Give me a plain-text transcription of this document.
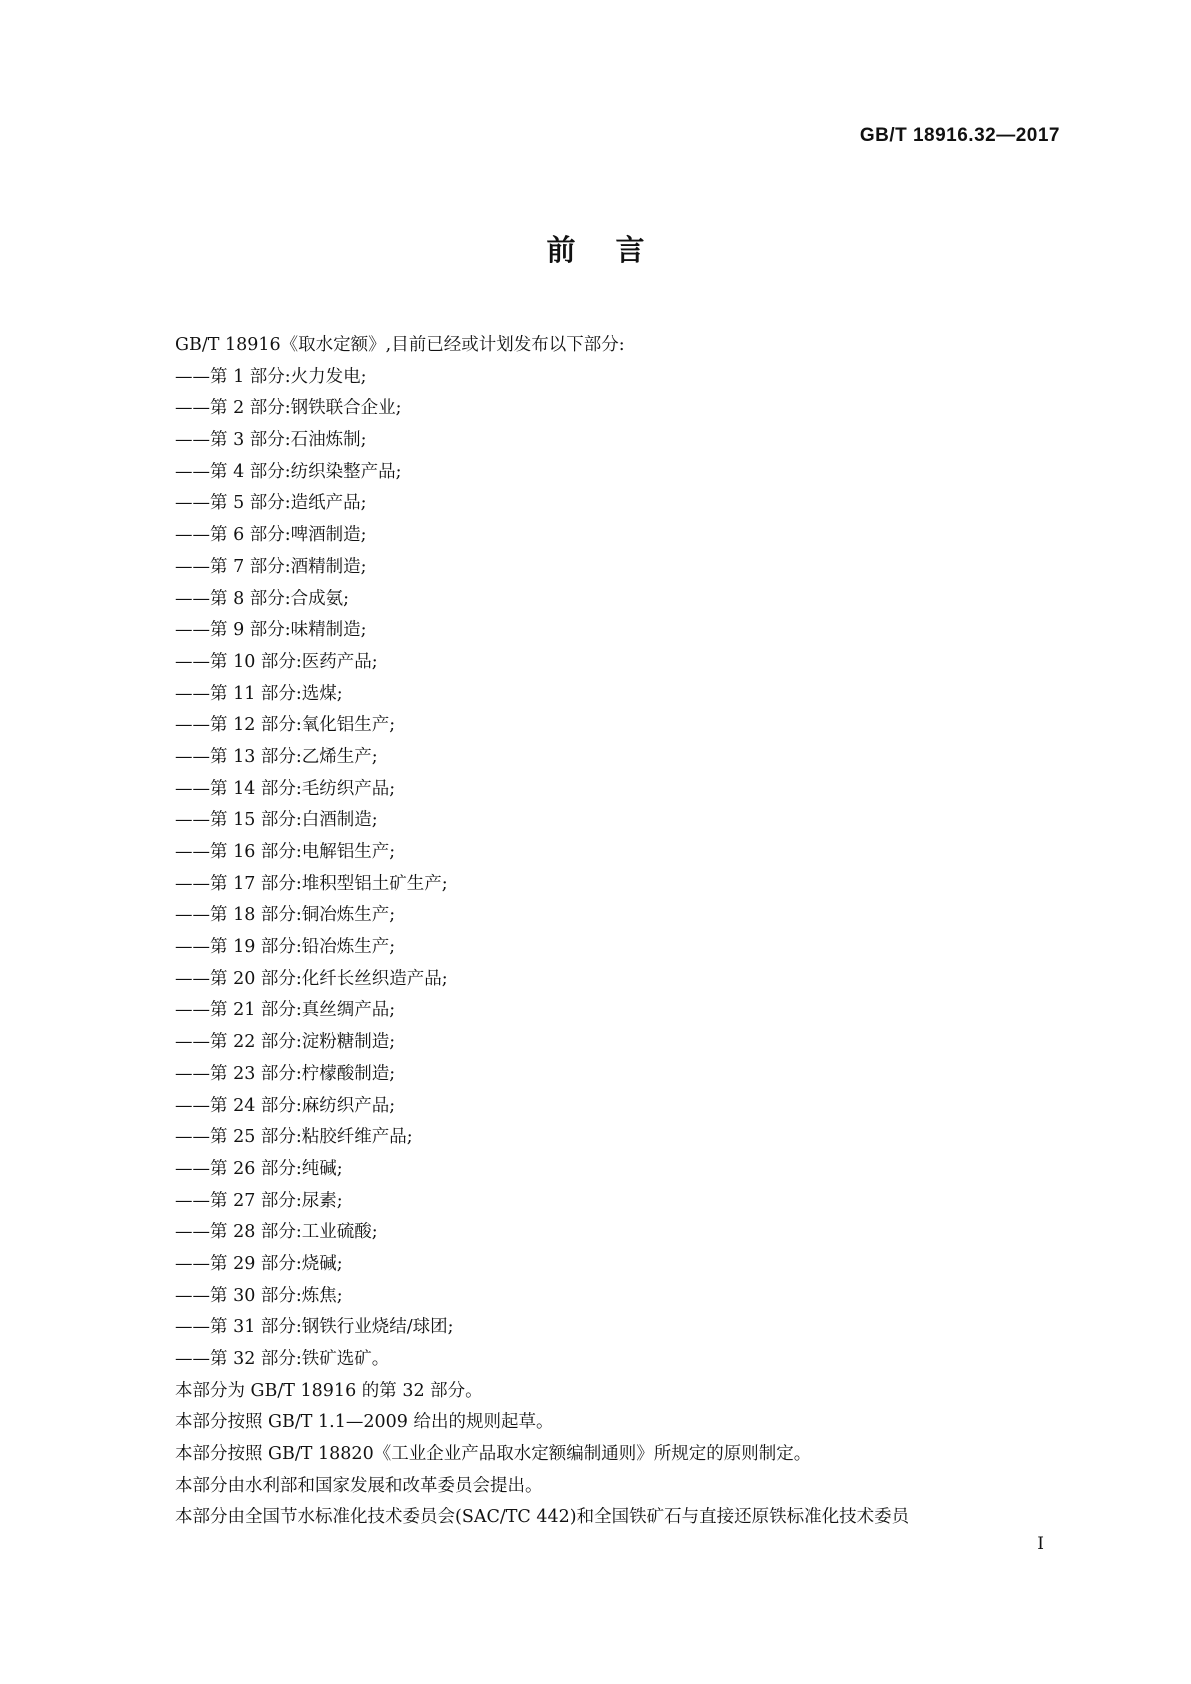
GB/T 18916.32—2017
前言
GB/T 18916《取水定额》,目前已经或计划发布以下部分:
——第 1 部分:火力发电;
——第 2 部分:钢铁联合企业;
——第 3 部分:石油炼制;
——第 4 部分:纺织染整产品;
——第 5 部分:造纸产品;
——第 6 部分:啤酒制造;
——第 7 部分:酒精制造;
——第 8 部分:合成氨;
——第 9 部分:味精制造;
——第 10 部分:医药产品;
——第 11 部分:选煤;
——第 12 部分:氧化铝生产;
——第 13 部分:乙烯生产;
——第 14 部分:毛纺织产品;
——第 15 部分:白酒制造;
——第 16 部分:电解铝生产;
——第 17 部分:堆积型铝土矿生产;
——第 18 部分:铜冶炼生产;
——第 19 部分:铅冶炼生产;
——第 20 部分:化纤长丝织造产品;
——第 21 部分:真丝绸产品;
——第 22 部分:淀粉糖制造;
——第 23 部分:柠檬酸制造;
——第 24 部分:麻纺织产品;
——第 25 部分:粘胶纤维产品;
——第 26 部分:纯碱;
——第 27 部分:尿素;
——第 28 部分:工业硫酸;
——第 29 部分:烧碱;
——第 30 部分:炼焦;
——第 31 部分:钢铁行业烧结/球团;
——第 32 部分:铁矿选矿。
本部分为 GB/T 18916 的第 32 部分。
本部分按照 GB/T 1.1—2009 给出的规则起草。
本部分按照 GB/T 18820《工业企业产品取水定额编制通则》所规定的原则制定。
本部分由水利部和国家发展和改革委员会提出。
本部分由全国节水标准化技术委员会(SAC/TC 442)和全国铁矿石与直接还原铁标准化技术委员
I
